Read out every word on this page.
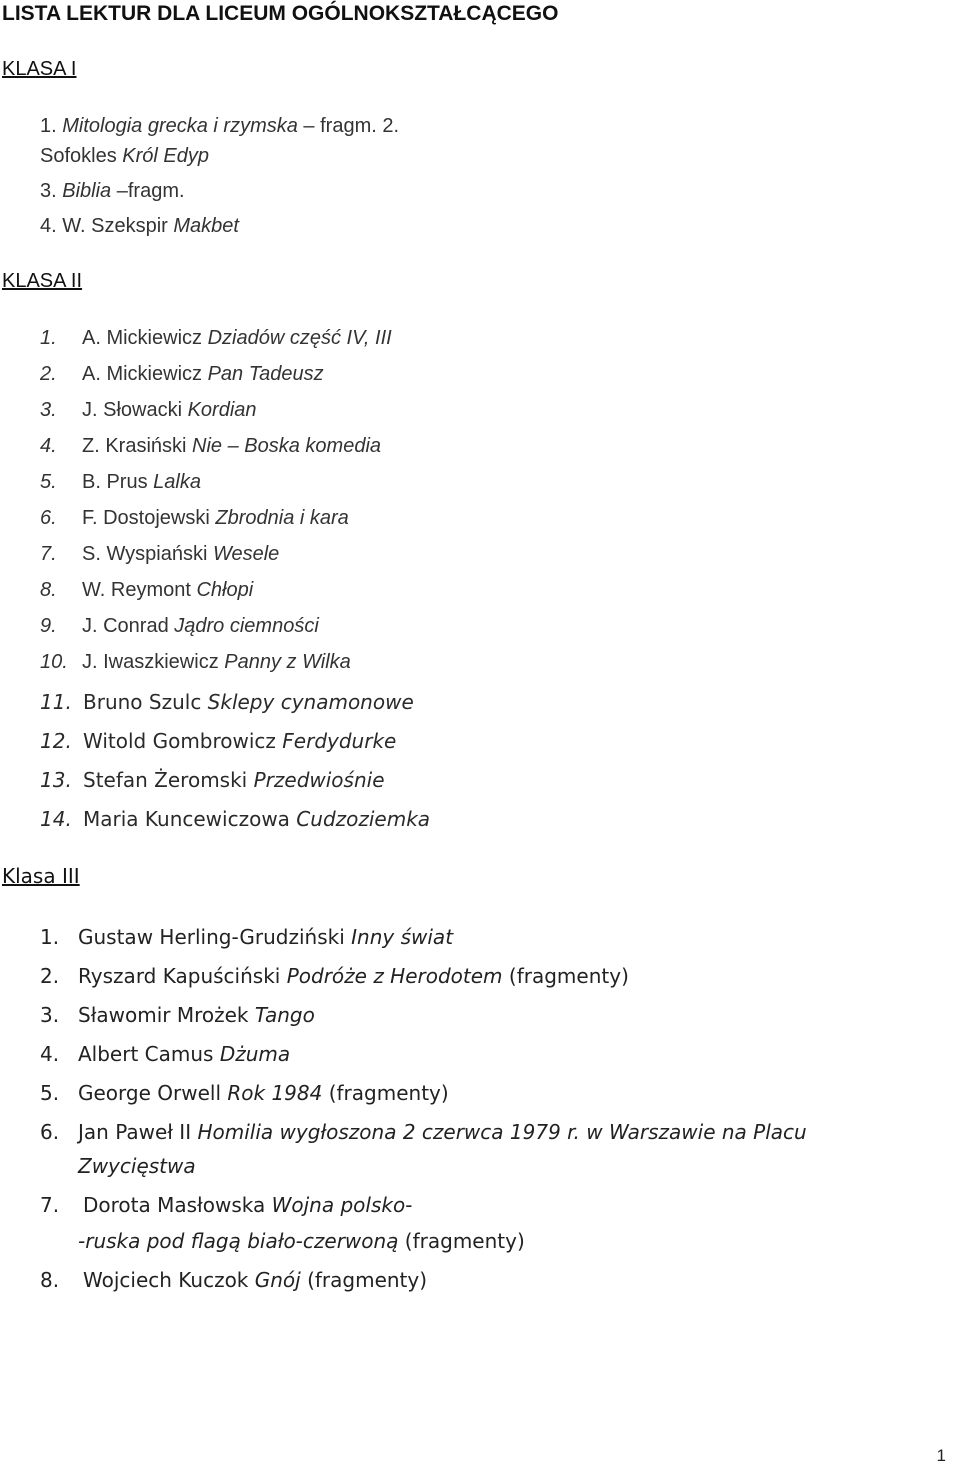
LISTA LEKTUR DLA LICEUM OGÓLNOKSZTAŁCĄCEGO
KLASA I
1. Mitologia grecka i rzymska – fragm. 2.
Sofokles Król Edyp
3. Biblia –fragm.
4. W. Szekspir Makbet
KLASA II
1. A. Mickiewicz Dziadów część IV, III
2. A. Mickiewicz Pan Tadeusz
3. J. Słowacki Kordian
4. Z. Krasiński Nie – Boska komedia
5. B. Prus Lalka
6. F. Dostojewski Zbrodnia i kara
7. S. Wyspiański Wesele
8. W. Reymont Chłopi
9. J. Conrad Jądro ciemności
10. J. Iwaszkiewicz Panny z Wilka
11. Bruno Szulc Sklepy cynamonowe
12. Witold Gombrowicz Ferdydurke
13. Stefan Żeromski Przedwiośnie
14. Maria Kuncewiczowa Cudzoziemka
Klasa III
1. Gustaw Herling-Grudziński Inny świat
2. Ryszard Kapuściński Podróże z Herodotem (fragmenty)
3. Sławomir Mrożek Tango
4. Albert Camus Dżuma
5. George Orwell Rok 1984 (fragmenty)
6. Jan Paweł II Homilia wygłoszona 2 czerwca 1979 r. w Warszawie na Placu
Zwycięstwa
7. Dorota Masłowska Wojna polsko-
-ruska pod flagą biało-czerwoną (fragmenty)
8. Wojciech Kuczok Gnój (fragmenty)
1
